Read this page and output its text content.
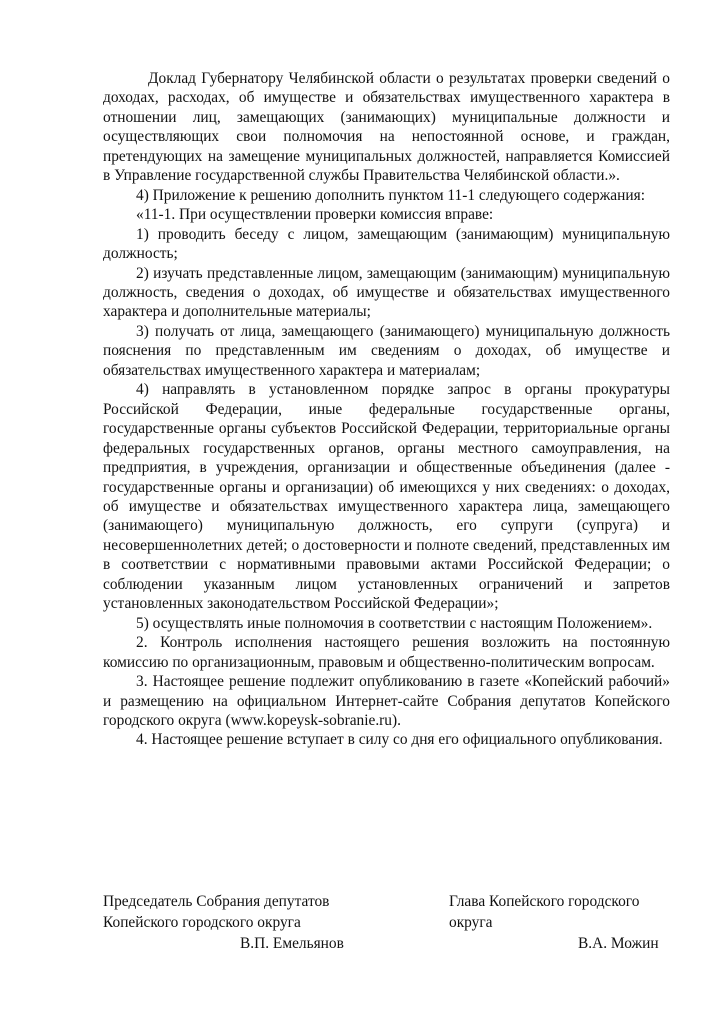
Доклад Губернатору Челябинской области о результатах проверки сведений о доходах, расходах, об имуществе и обязательствах имущественного характера в отношении лиц, замещающих (занимающих) муниципальные должности и осуществляющих свои полномочия на непостоянной основе, и граждан, претендующих на замещение муниципальных должностей, направляется Комиссией в Управление государственной службы Правительства Челябинской области.».

4) Приложение к решению дополнить пунктом 11-1 следующего содержания:

«11-1. При осуществлении проверки комиссия вправе:

1) проводить беседу с лицом, замещающим (занимающим) муниципальную должность;

2) изучать представленные лицом, замещающим (занимающим) муниципальную должность, сведения о доходах, об имуществе и обязательствах имущественного характера и дополнительные материалы;

3) получать от лица, замещающего (занимающего) муниципальную должность пояснения по представленным им сведениям о доходах, об имуществе и обязательствах имущественного характера и материалам;

4) направлять в установленном порядке запрос в органы прокуратуры Российской Федерации, иные федеральные государственные органы, государственные органы субъектов Российской Федерации, территориальные органы федеральных государственных органов, органы местного самоуправления, на предприятия, в учреждения, организации и общественные объединения (далее - государственные органы и организации) об имеющихся у них сведениях: о доходах, об имуществе и обязательствах имущественного характера лица, замещающего (занимающего) муниципальную должность, его супруги (супруга) и несовершеннолетних детей; о достоверности и полноте сведений, представленных им в соответствии с нормативными правовыми актами Российской Федерации; о соблюдении указанным лицом установленных ограничений и запретов установленных законодательством Российской Федерации»;

5) осуществлять иные полномочия в соответствии с настоящим Положением».

2. Контроль исполнения настоящего решения возложить на постоянную комиссию по организационным, правовым и общественно-политическим вопросам.

3. Настоящее решение подлежит опубликованию в газете «Копейский рабочий» и размещению на официальном Интернет-сайте Собрания депутатов Копейского городского округа (www.kopeysk-sobranie.ru).

4. Настоящее решение вступает в силу со дня его официального опубликования.

Председатель Собрания депутатов
Копейского городского округа
В.П. Емельянов
Глава Копейского городского
округа
В.А. Можин
